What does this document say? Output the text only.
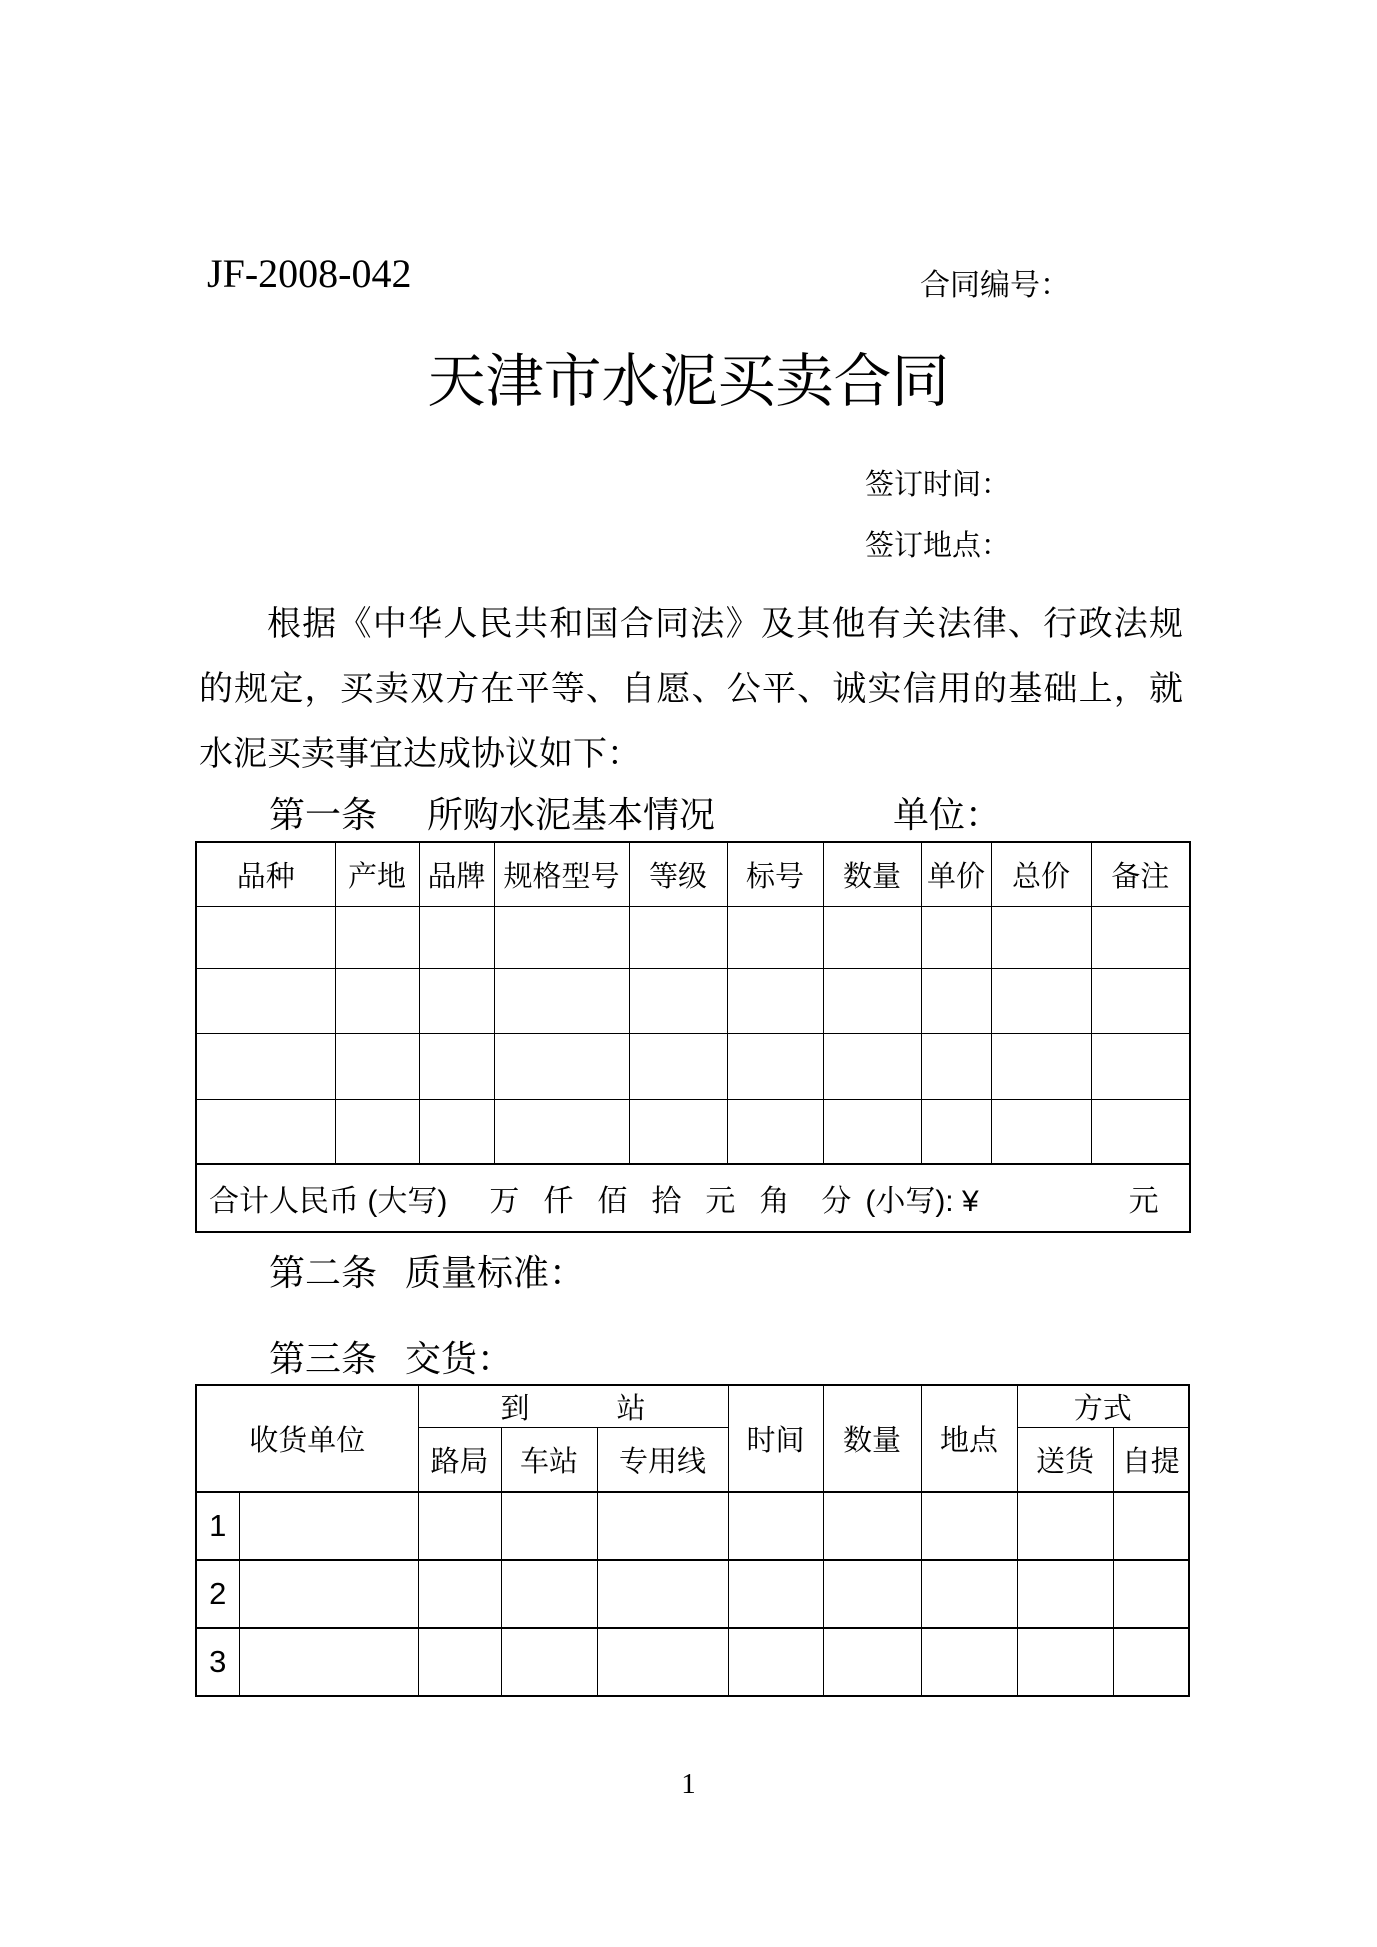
JF-2008-042	合同编号：
天津市水泥买卖合同
签订时间：
签订地点：
根据《中华人民共和国合同法》及其他有关法律、行政法规的规定，买卖双方在平等、自愿、公平、诚实信用的基础上，就水泥买卖事宜达成协议如下：
第一条 所购水泥基本情况	单位：
品种	产地	品牌	规格型号	等级	标号	数量	单价	总价	备注

合计人民币 (大写) 万 仟 佰 拾 元 角 分 (小写): ¥	元
第二条 质量标准：
第三条 交货：
收货单位		到　　　站			时间	数量	地点	方式	
		路局	车站	专用线				送货	自提
1									
2									
3									
1
